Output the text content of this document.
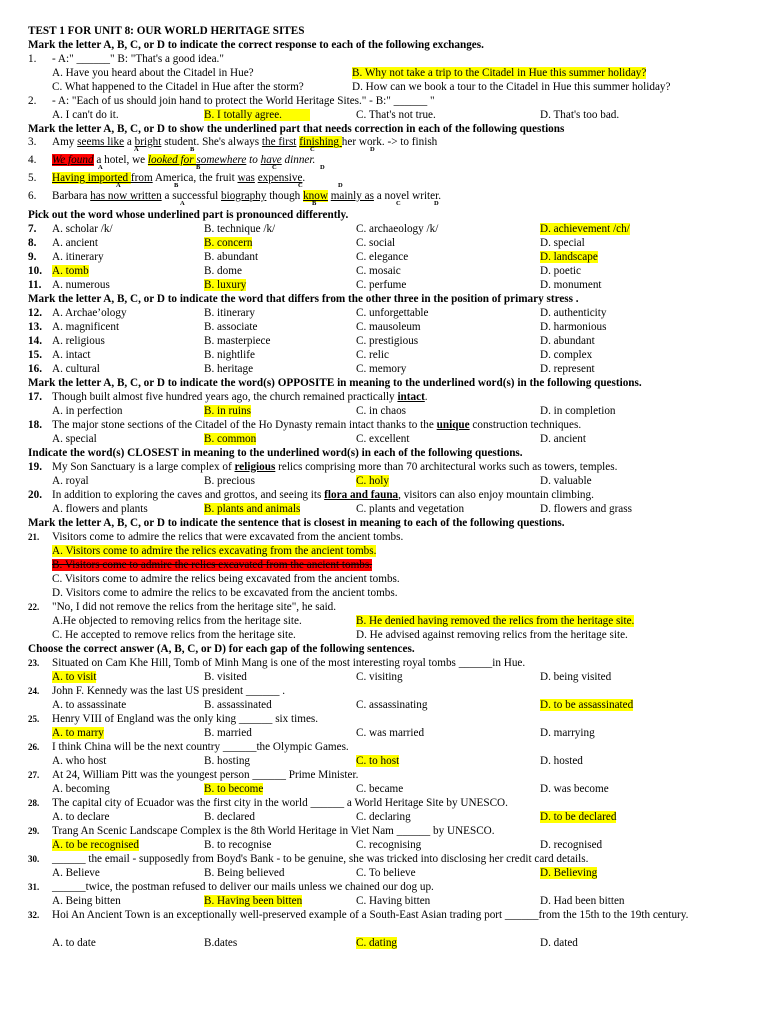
TEST 1 FOR UNIT 8: OUR WORLD HERITAGE SITES
Mark the letter A, B, C, or D to indicate the correct response to each of the following exchanges.
1.	- A:" ______" B: "That's a good idea."
A. Have you heard about the Citadel in Hue?	B. Why not take a trip to the Citadel in Hue this summer holiday?
C. What happened to the Citadel in Hue after the storm?	D. How can we book a tour to the Citadel in Hue this summer holiday?
2.	- A: "Each of us should join hand to protect the World Heritage Sites." - B:" ______ "
A. I can't do it.	B. I totally agree.	C. That's not true.	D. That's too bad.
Mark the letter A, B, C, or D to show the underlined part that needs correction in each of the following questions
3.	Amy seems like a bright student. She's always the first finishing her work. -> to finish
A	B	C	D
4.	We found a hotel, we looked for somewhere to have dinner.
A	B	C	D
5.	Having imported from America, the fruit was expensive.
A	B	C	D
6.	Barbara has now written a successful biography though know mainly as a novel writer.
A	B	C	D
Pick out the word whose underlined part is pronounced differently.
7.	A. scholar /k/	B. technique /k/	C. archaeology /k/	D. achievement /ch/
8.	A. ancient	B. concern	C. social	D. special
9.	A. itinerary	B. abundant	C. elegance	D. landscape
10. A. tomb	B. dome	C. mosaic	D. poetic
11. A. numerous	B. luxury	C. perfume	D. monument
Mark the letter A, B, C, or D to indicate the word that differs from the other three in the position of primary stress .
12. A. Archae’ology	B. itinerary	C. unforgettable	D. authenticity
13. A. magnificent	B. associate	C. mausoleum	D. harmonious
14. A. religious	B. masterpiece	C. prestigious	D. abundant
15. A. intact	B. nightlife	C. relic	D. complex
16. A. cultural	B. heritage	C. memory	D. represent
Mark the letter A, B, C, or D to indicate the word(s) OPPOSITE in meaning to the underlined word(s) in the following questions.
17. Though built almost five hundred years ago, the church remained practically intact.
A. in perfection	B. in ruins	C. in chaos	D. in completion
18. The major stone sections of the Citadel of the Ho Dynasty remain intact thanks to the unique construction techniques.
A. special	B. common	C. excellent	D. ancient
Indicate the word(s) CLOSEST in meaning to the underlined word(s) in each of the following questions.
19. My Son Sanctuary is a large complex of religious relics comprising more than 70 architectural works such as towers, temples.
A. royal	B. precious	C. holy	D. valuable
20. In addition to exploring the caves and grottos, and seeing its flora and fauna, visitors can also enjoy mountain climbing.
A. flowers and plants	B. plants and animals	C. plants and vegetation	D. flowers and grass
Mark the letter A, B, C, or D to indicate the sentence that is closest in meaning to each of the following questions.
21.	Visitors come to admire the relics that were excavated from the ancient tombs.
A. Visitors come to admire the relics excavating from the ancient tombs.
B. Visitors come to admire the relics excavated from the ancient tombs.
C. Visitors come to admire the relics being excavated from the ancient tombs.
D. Visitors come to admire the relics to be excavated from the ancient tombs.
22.	"No, I did not remove the relics from the heritage site", he said.
A.He objected to removing relics from the heritage site.	B. He denied having removed the relics from the heritage site.
C. He accepted to remove relics from the heritage site.	D. He advised against removing relics from the heritage site.
Choose the correct answer (A, B, C, or D) for each gap of the following sentences.
23.	Situated on Cam Khe Hill, Tomb of Minh Mang is one of the most interesting royal tombs ______in Hue.
A. to visit	B. visited	C. visiting	D. being visited
24.	John F. Kennedy was the last US president ______ .
A. to assassinate	B. assassinated	C. assassinating	D. to be assassinated
25.	Henry VIII of England was the only king ______ six times.
A. to marry	B. married	C. was married	D. marrying
26.	I think China will be the next country ______the Olympic Games.
A. who host	B. hosting	C. to host	D. hosted
27.	At 24, William Pitt was the youngest person ______ Prime Minister.
A. becoming	B. to become	C. became	D. was become
28.	The capital city of Ecuador was the first city in the world ______ a World Heritage Site by UNESCO.
A. to declare	B. declared	C. declaring	D. to be declared
29.	Trang An Scenic Landscape Complex is the 8th World Heritage in Viet Nam ______ by UNESCO.
A. to be recognised	B. to recognise	C. recognising	D. recognised
30.	______ the email - supposedly from Boyd's Bank - to be genuine, she was tricked into disclosing her credit card details.
A. Believe	B. Being believed	C. To believe	D. Believing
31.	______twice, the postman refused to deliver our mails unless we chained our dog up.
A. Being bitten	B. Having been bitten	C. Having bitten	D. Had been bitten
32.	Hoi An Ancient Town is an exceptionally well-preserved example of a South-East Asian trading port ______from the 15th to the 19th century.
A. to date	B.dates	C. dating	D. dated
